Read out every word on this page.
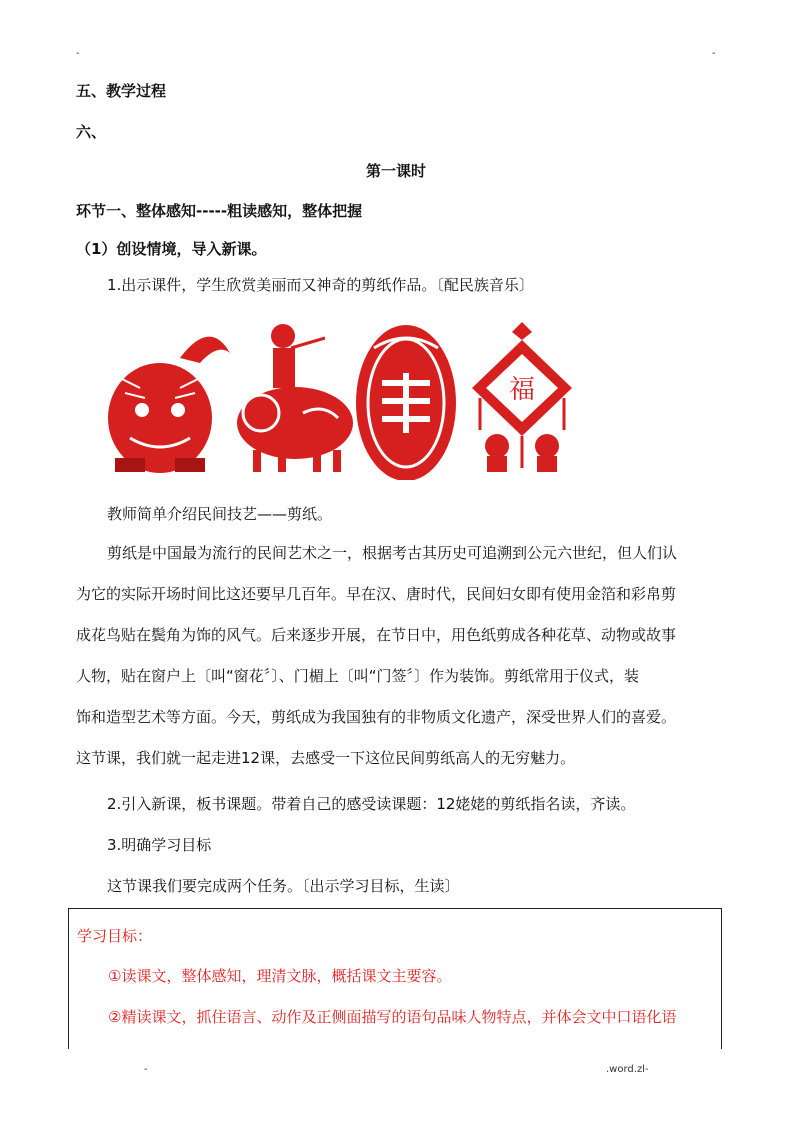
-	-
五、教学过程
六、
第一课时
环节一、整体感知-----粗读感知，整体把握
（1）创设情境，导入新课。
1.出示课件，学生欣赏美丽而又神奇的剪纸作品。〔配民族音乐〕
福
教师简单介绍民间技艺——剪纸。
剪纸是中国最为流行的民间艺术之一，根据考古其历史可追溯到公元六世纪，但人们认
为它的实际开场时间比这还要早几百年。早在汉、唐时代，民间妇女即有使用金箔和彩帛剪
成花鸟贴在鬓角为饰的风气。后来逐步开展，在节日中，用色纸剪成各种花草、动物或故事
人物，贴在窗户上〔叫“窗花〞〕、门楣上〔叫“门签〞〕作为装饰。剪纸常用于仪式，装
饰和造型艺术等方面。今天，剪纸成为我国独有的非物质文化遗产，深受世界人们的喜爱。
这节课，我们就一起走进12课，去感受一下这位民间剪纸高人的无穷魅力。
2.引入新课，板书课题。带着自己的感受读课题：12姥姥的剪纸指名读，齐读。
3.明确学习目标
这节课我们要完成两个任务。〔出示学习目标，生读〕
学习目标：
①读课文，整体感知，理清文脉，概括课文主要容。
②精读课文，抓住语言、动作及正侧面描写的语句品味人物特点，并体会文中口语化语
-	.word.zl-
